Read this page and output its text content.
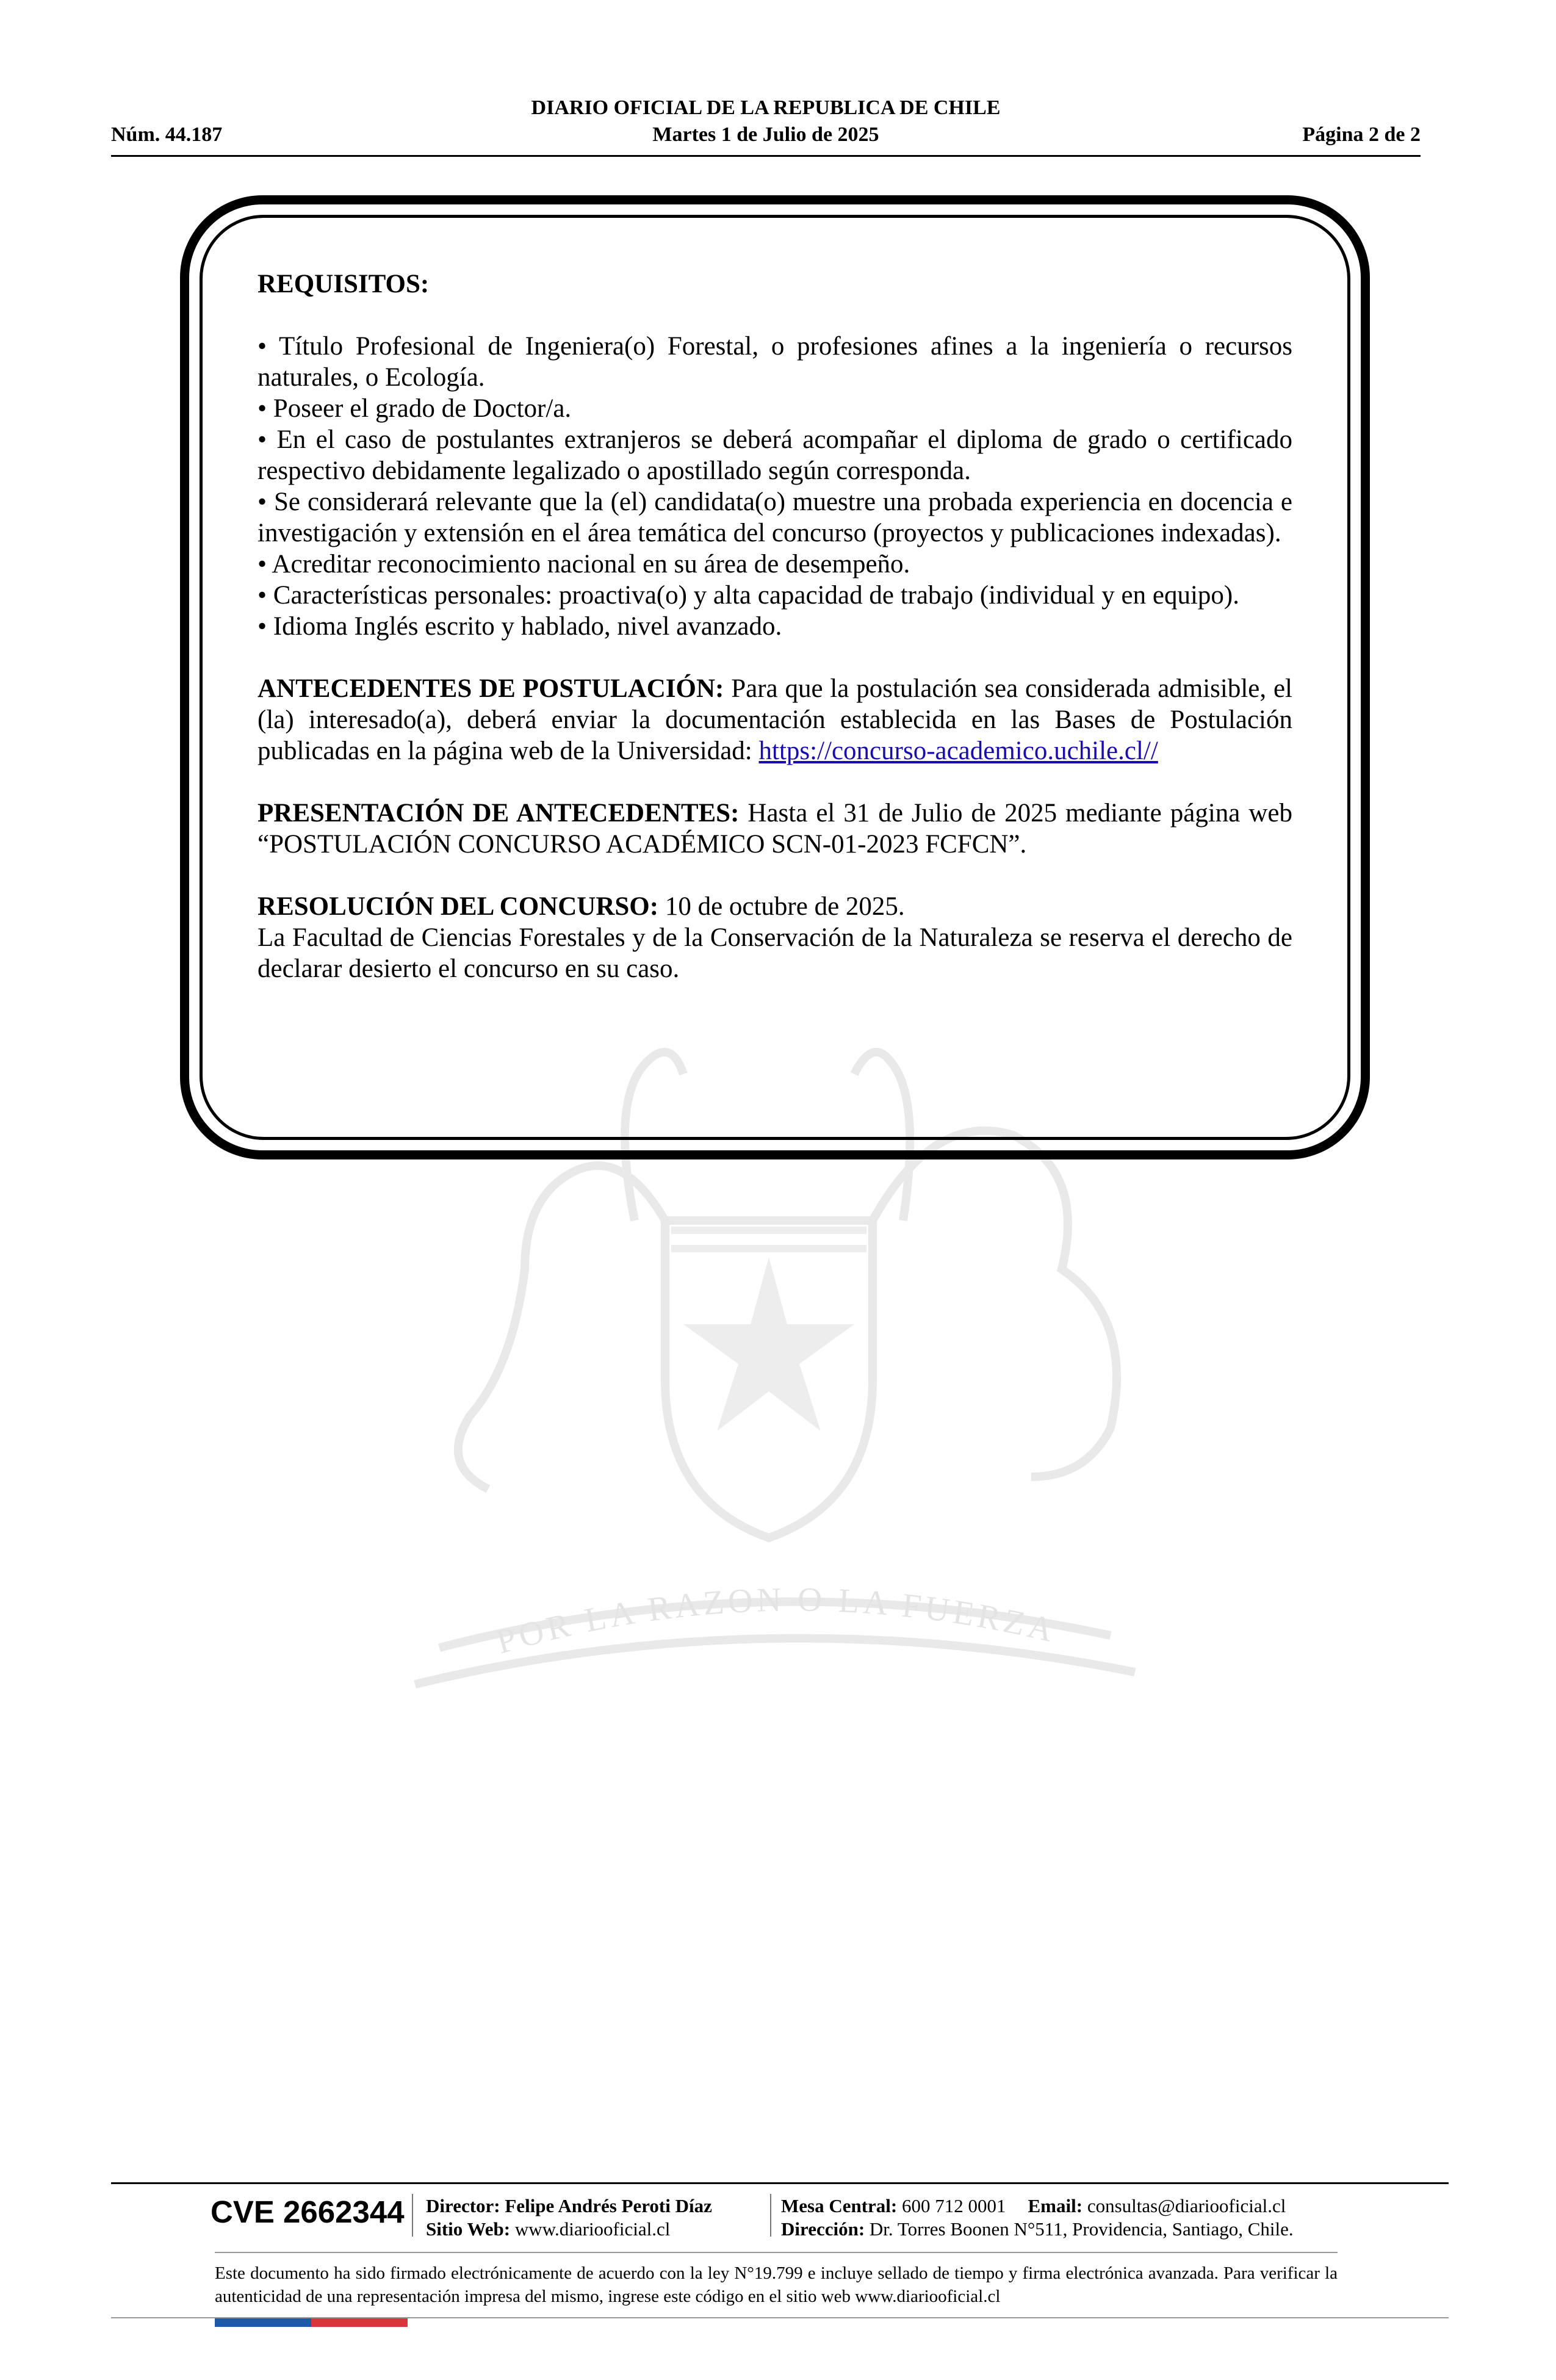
DIARIO OFICIAL DE LA REPUBLICA DE CHILE
Núm. 44.187	Martes 1 de Julio de 2025	Página 2 de 2
POR LA RAZON O LA FUERZA

REQUISITOS:

• Título Profesional de Ingeniera(o) Forestal, o profesiones afines a la ingeniería o recursos naturales, o Ecología.

• Poseer el grado de Doctor/a.

• En el caso de postulantes extranjeros se deberá acompañar el diploma de grado o certificado respectivo debidamente legalizado o apostillado según corresponda.

• Se considerará relevante que la (el) candidata(o) muestre una probada experiencia en docencia e investigación y extensión en el área temática del concurso (proyectos y publicaciones indexadas).

• Acreditar reconocimiento nacional en su área de desempeño.

• Características personales: proactiva(o) y alta capacidad de trabajo (individual y en equipo).

• Idioma Inglés escrito y hablado, nivel avanzado.

ANTECEDENTES DE POSTULACIÓN: Para que la postulación sea considerada admisible, el (la) interesado(a), deberá enviar la documentación establecida en las Bases de Postulación publicadas en la página web de la Universidad: https://concurso-academico.uchile.cl//

PRESENTACIÓN DE ANTECEDENTES: Hasta el 31 de Julio de 2025 mediante página web “POSTULACIÓN CONCURSO ACADÉMICO SCN-01-2023 FCFCN”.

RESOLUCIÓN DEL CONCURSO: 10 de octubre de 2025.

La Facultad de Ciencias Forestales y de la Conservación de la Naturaleza se reserva el derecho de declarar desierto el concurso en su caso.

CVE 2662344 Director: Felipe Andrés Peroti Díaz
Sitio Web: www.diariooficial.cl
Mesa Central: 600 712 0001 Email: consultas@diariooficial.cl
Dirección: Dr. Torres Boonen N°511, Providencia, Santiago, Chile.
Este documento ha sido firmado electrónicamente de acuerdo con la ley N°19.799 e incluye sellado de tiempo y firma electrónica avanzada. Para verificar la autenticidad de una representación impresa del mismo, ingrese este código en el sitio web www.diariooficial.cl
